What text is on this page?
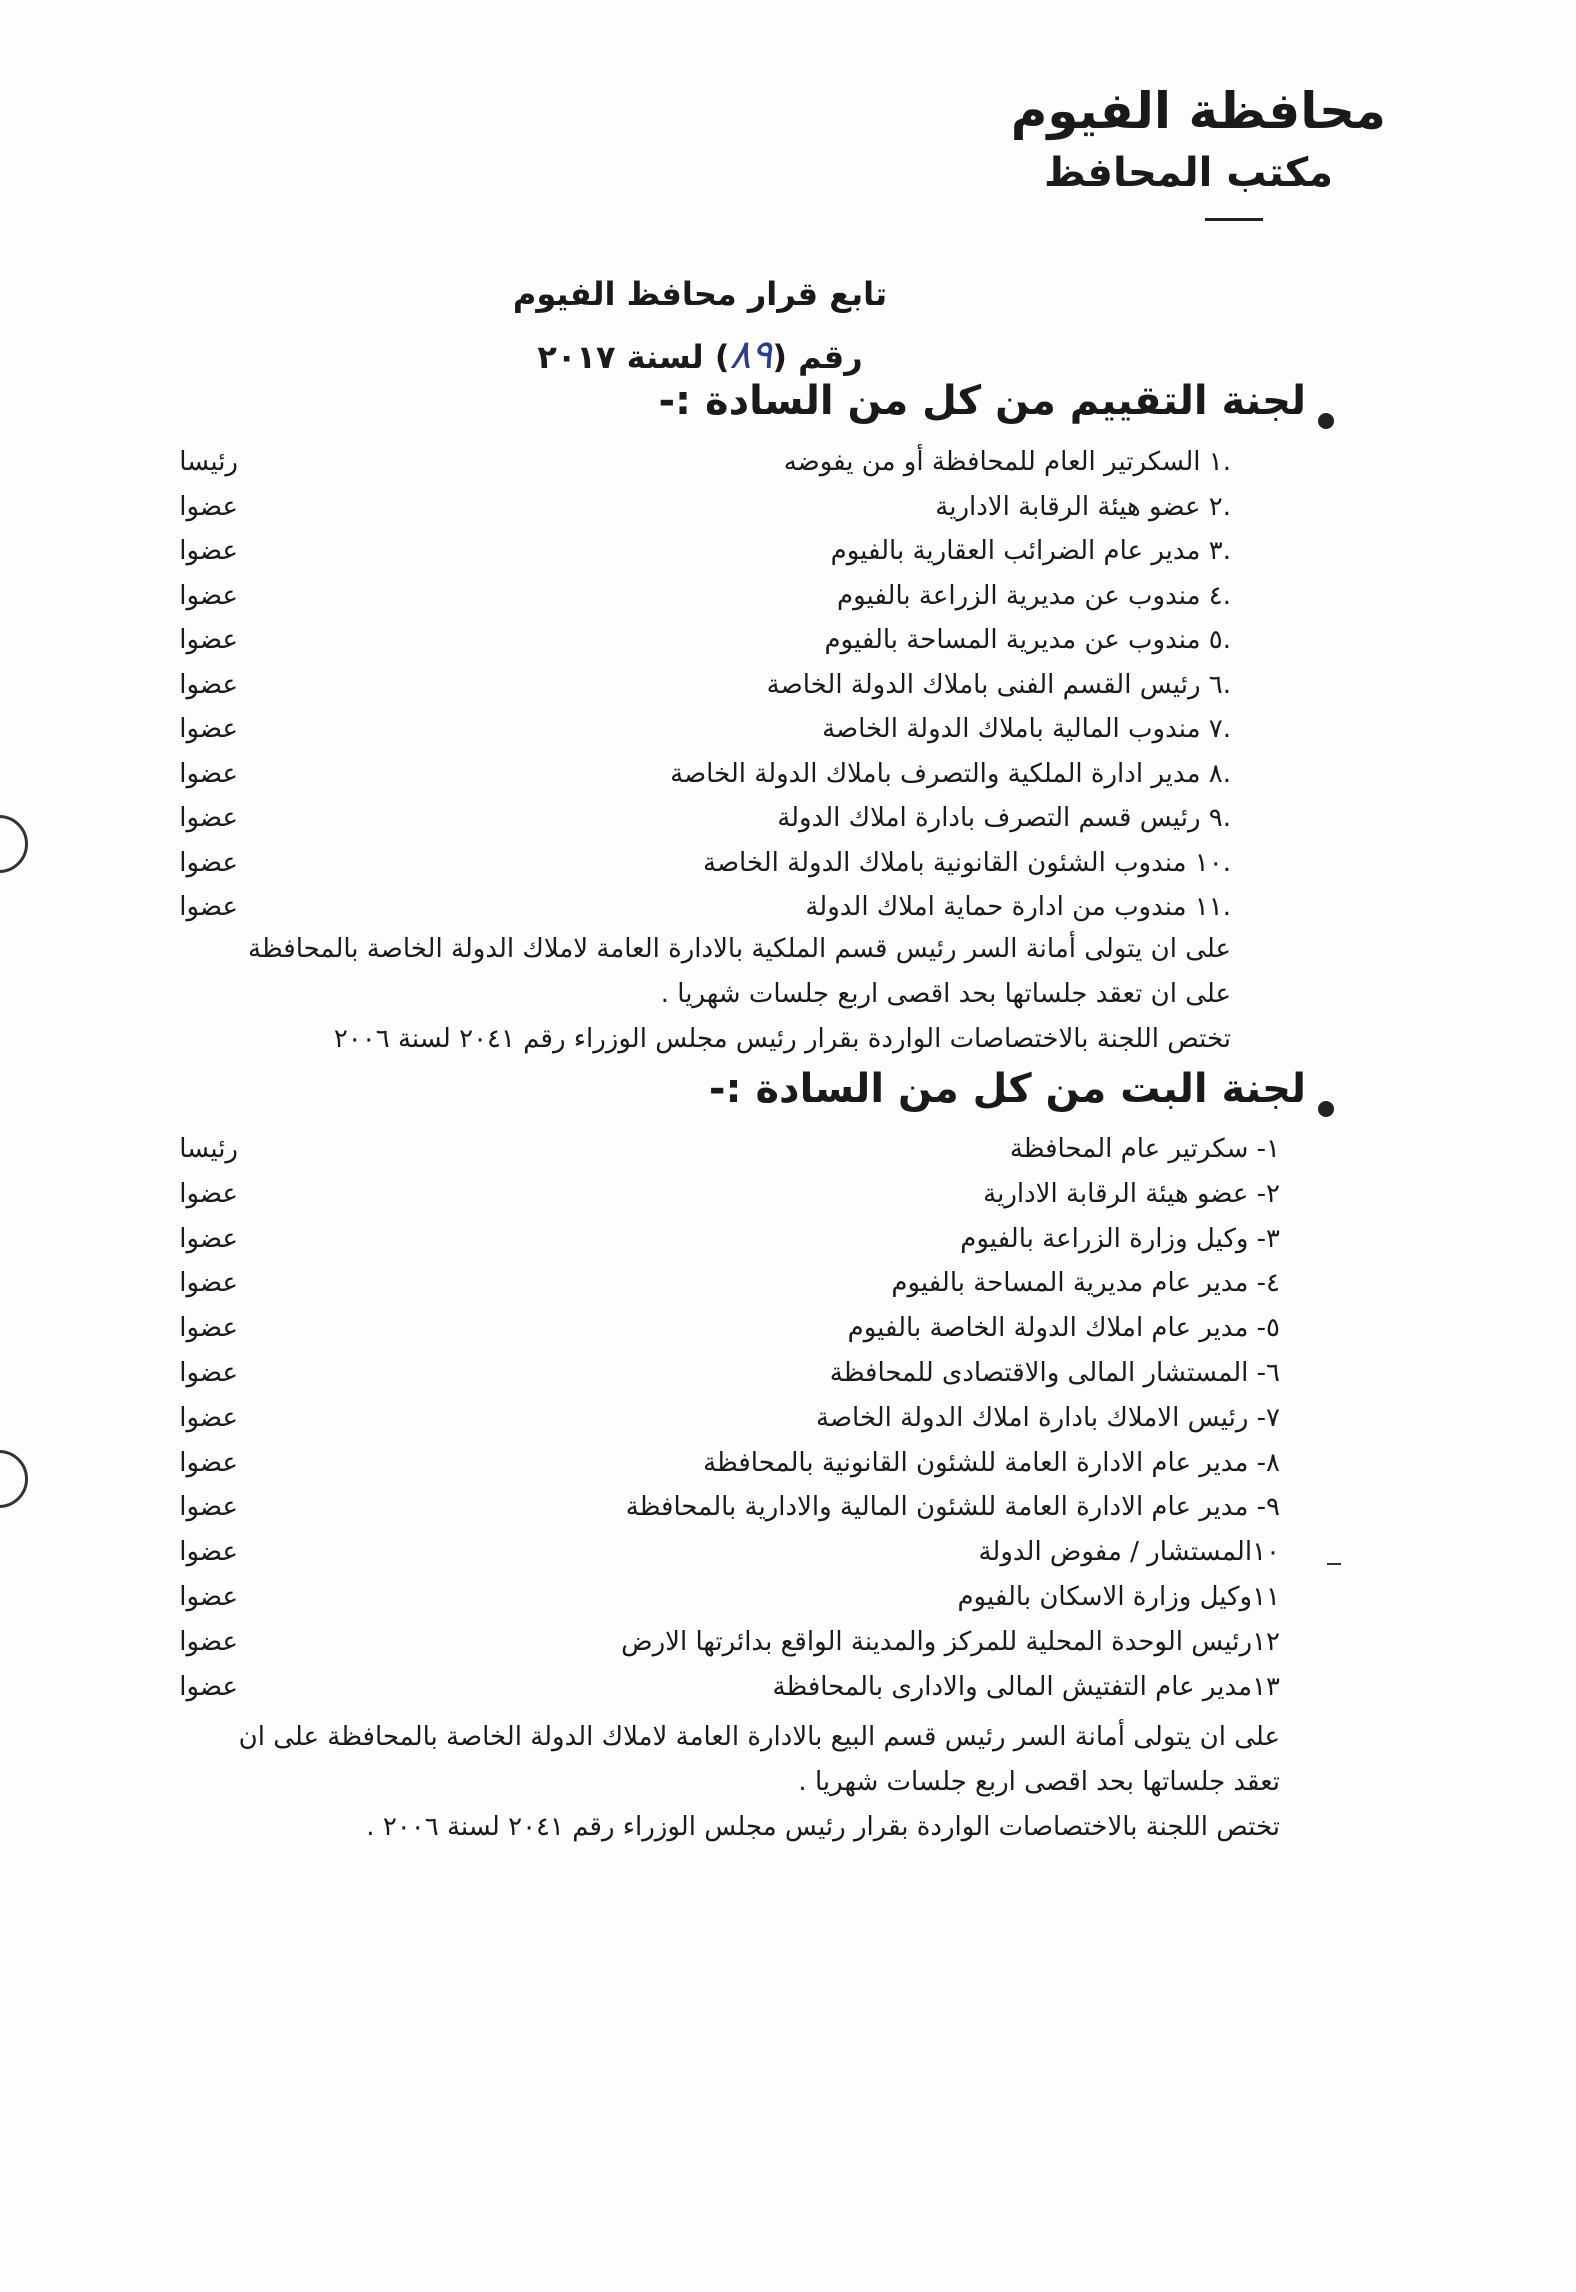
محافظة الفيوم
مكتب المحافظ
تابع قرار محافظ الفيوم
رقم (٨٩) لسنة ٢٠١٧
لجنة التقييم من كل من السادة :-
.١ السكرتير العام للمحافظة أو من يفوضه
رئيسا
.٢ عضو هيئة الرقابة الادارية
عضوا
.٣ مدير عام الضرائب العقارية بالفيوم
عضوا
.٤ مندوب عن مديرية الزراعة بالفيوم
عضوا
.٥ مندوب عن مديرية المساحة بالفيوم
عضوا
.٦ رئيس القسم الفنى باملاك الدولة الخاصة
عضوا
.٧ مندوب المالية باملاك الدولة الخاصة
عضوا
.٨ مدير ادارة الملكية والتصرف باملاك الدولة الخاصة
عضوا
.٩ رئيس قسم التصرف بادارة املاك الدولة
عضوا
.١٠ مندوب الشئون القانونية باملاك الدولة الخاصة
عضوا
.١١ مندوب من ادارة حماية املاك الدولة
عضوا
على ان يتولى أمانة السر رئيس قسم الملكية بالادارة العامة لاملاك الدولة الخاصة بالمحافظة
على ان تعقد جلساتها بحد اقصى اربع جلسات شهريا .
تختص اللجنة بالاختصاصات الواردة بقرار رئيس مجلس الوزراء رقم ٢٠٤١ لسنة ٢٠٠٦
لجنة البت من كل من السادة :-
١- سكرتير عام المحافظة
رئيسا
٢- عضو هيئة الرقابة الادارية
عضوا
٣- وكيل وزارة الزراعة بالفيوم
عضوا
٤- مدير عام مديرية المساحة بالفيوم
عضوا
٥- مدير عام املاك الدولة الخاصة بالفيوم
عضوا
٦- المستشار المالى والاقتصادى للمحافظة
عضوا
٧- رئيس الاملاك بادارة املاك الدولة الخاصة
عضوا
٨- مدير عام الادارة العامة للشئون القانونية بالمحافظة
عضوا
٩- مدير عام الادارة العامة للشئون المالية والادارية بالمحافظة
عضوا
١٠المستشار / مفوض الدولة
عضوا
١١وكيل وزارة الاسكان بالفيوم
عضوا
١٢رئيس الوحدة المحلية للمركز والمدينة الواقع بدائرتها الارض
عضوا
١٣مدير عام التفتيش المالى والادارى بالمحافظة
عضوا
على ان يتولى أمانة السر رئيس قسم البيع بالادارة العامة لاملاك الدولة الخاصة بالمحافظة على ان
تعقد جلساتها بحد اقصى اربع جلسات شهريا .
تختص اللجنة بالاختصاصات الواردة بقرار رئيس مجلس الوزراء رقم ٢٠٤١ لسنة ٢٠٠٦ .
